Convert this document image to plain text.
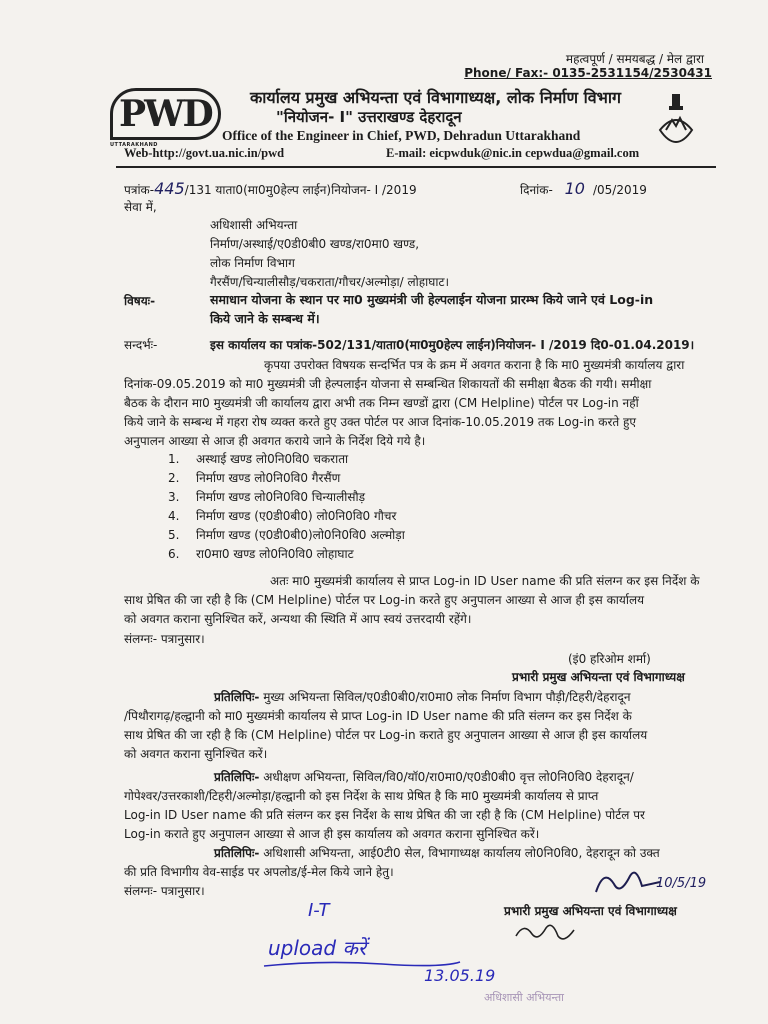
महत्वपूर्ण / समयबद्ध / मेल द्वारा
Phone/ Fax:- 0135-2531154/2530431
PWD
UTTARAKHAND
कार्यालय प्रमुख अभियन्ता एवं विभागाध्यक्ष, लोक निर्माण विभाग
"नियोजन- I" उत्तराखण्ड देहरादून
Office of the Engineer in Chief, PWD, Dehradun Uttarakhand
Web-http://govt.ua.nic.in/pwd	E-mail: eicpwduk@nic.in cepwdua@gmail.com
पत्रांक-445/131 याता0(मा0मु0हेल्प लाईन)नियोजन- I /2019	दिनांक- 10 /05/2019
सेवा में,
अधिशासी अभियन्ता
निर्माण/अस्थाई/ए0डी0बी0 खण्ड/रा0मा0 खण्ड,
लोक निर्माण विभाग
गैरसैंण/चिन्यालीसौड़/चकराता/गौचर/अल्मोड़ा/ लोहाघाट।
विषयः-	समाधान योजना के स्थान पर मा0 मुख्यमंत्री जी हेल्पलाईन योजना प्रारम्भ किये जाने एवं Log-in
किये जाने के सम्बन्ध में।
सन्दर्भः-	इस कार्यालय का पत्रांक-502/131/याता0(मा0मु0हेल्प लाईन)नियोजन- I /2019 दि0-01.04.2019।
कृपया उपरोक्त विषयक सन्दर्भित पत्र के क्रम में अवगत कराना है कि मा0 मुख्यमंत्री कार्यालय द्वारा
दिनांक-09.05.2019 को मा0 मुख्यमंत्री जी हेल्पलाईन योजना से सम्बन्धित शिकायतों की समीक्षा बैठक की गयी। समीक्षा
बैठक के दौरान मा0 मुख्यमंत्री जी कार्यालय द्वारा अभी तक निम्न खण्डों द्वारा (CM Helpline) पोर्टल पर Log-in नहीं
किये जाने के सम्बन्ध में गहरा रोष व्यक्त करते हुए उक्त पोर्टल पर आज दिनांक-10.05.2019 तक Log-in करते हुए
अनुपालन आख्या से आज ही अवगत कराये जाने के निर्देश दिये गये है।
1.	अस्थाई खण्ड लो0नि0वि0 चकराता
2.	निर्माण खण्ड लो0नि0वि0 गैरसैंण
3.	निर्माण खण्ड लो0नि0वि0 चिन्यालीसौड़
4.	निर्माण खण्ड (ए0डी0बी0) लो0नि0वि0 गौचर
5.	निर्माण खण्ड (ए0डी0बी0)लो0नि0वि0 अल्मोड़ा
6.	रा0मा0 खण्ड लो0नि0वि0 लोहाघाट
अतः मा0 मुख्यमंत्री कार्यालय से प्राप्त Log-in ID User name की प्रति संलग्न कर इस निर्देश के
साथ प्रेषित की जा रही है कि (CM Helpline) पोर्टल पर Log-in करते हुए अनुपालन आख्या से आज ही इस कार्यालय
को अवगत कराना सुनिश्चित करें, अन्यथा की स्थिति में आप स्वयं उत्तरदायी रहेंगे।
संलग्नः- पत्रानुसार।
(इं0 हरिओम शर्मा)
प्रभारी प्रमुख अभियन्ता एवं विभागाध्यक्ष
प्रतिलिपिः- मुख्य अभियन्ता सिविल/ए0डी0बी0/रा0मा0 लोक निर्माण विभाग पौड़ी/टिहरी/देहरादून
/पिथौरागढ़/हल्द्वानी को मा0 मुख्यमंत्री कार्यालय से प्राप्त Log-in ID User name की प्रति संलग्न कर इस निर्देश के
साथ प्रेषित की जा रही है कि (CM Helpline) पोर्टल पर Log-in कराते हुए अनुपालन आख्या से आज ही इस कार्यालय
को अवगत कराना सुनिश्चित करें।
प्रतिलिपिः- अधीक्षण अभियन्ता, सिविल/वि0/यॉ0/रा0मा0/ए0डी0बी0 वृत्त लो0नि0वि0 देहरादून/
गोपेश्वर/उत्तरकाशी/टिहरी/अल्मोड़ा/हल्द्वानी को इस निर्देश के साथ प्रेषित है कि मा0 मुख्यमंत्री कार्यालय से प्राप्त
Log-in ID User name की प्रति संलग्न कर इस निर्देश के साथ प्रेषित की जा रही है कि (CM Helpline) पोर्टल पर
Log-in कराते हुए अनुपालन आख्या से आज ही इस कार्यालय को अवगत कराना सुनिश्चित करें।
प्रतिलिपिः- अधिशासी अभियन्ता, आई0टी0 सेल, विभागाध्यक्ष कार्यालय लो0नि0वि0, देहरादून को उक्त
की प्रति विभागीय वेव-साईड पर अपलोड/ई-मेल किये जाने हेतु।
संलग्नः- पत्रानुसार।	10/5/19
प्रभारी प्रमुख अभियन्ता एवं विभागाध्यक्ष
I-T
upload करें
13.05.19
अधिशासी अभियन्ता
